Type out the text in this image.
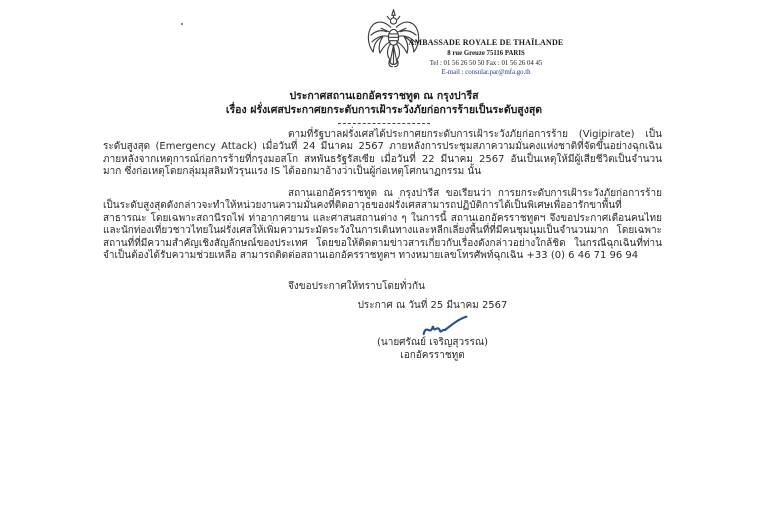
AMBASSADE ROYALE DE THAÏLANDE
8 rue Greuze 75116 PARIS
Tel : 01 56 26 50 50 Fax : 01 56 26 04 45
E-mail : consular.par@mfa.go.th
ประกาศสถานเอกอัครราชทูต ณ กรุงปารีส
เรื่อง ฝรั่งเศสประกาศยกระดับการเฝ้าระวังภัยก่อการร้ายเป็นระดับสูงสุด
ตามที่รัฐบาลฝรั่งเศสได้ประกาศยกระดับการเฝ้าระวังภัยก่อการร้าย (Vigipirate) เป็นระดับสูงสุด (Emergency Attack) เมื่อวันที่ 24 มีนาคม 2567 ภายหลังการประชุมสภาความมั่นคงแห่งชาติที่จัดขึ้นอย่างฉุกเฉินภายหลังจากเหตุการณ์ก่อการร้ายที่กรุงมอสโก สหพันธรัฐรัสเซีย เมื่อวันที่ 22 มีนาคม 2567 อันเป็นเหตุให้มีผู้เสียชีวิตเป็นจำนวนมาก ซึ่งก่อเหตุโดยกลุ่มมุสลิมหัวรุนแรง IS ได้ออกมาอ้างว่าเป็นผู้ก่อเหตุโศกนาฏกรรม นั้น
สถานเอกอัครราชทูต ณ กรุงปารีส ขอเรียนว่า การยกระดับการเฝ้าระวังภัยก่อการร้ายเป็นระดับสูงสุดดังกล่าวจะทำให้หน่วยงานความมั่นคงที่ติดอาวุธของฝรั่งเศสสามารถปฏิบัติการได้เป็นพิเศษเพื่ออารักขาพื้นที่สาธารณะ โดยเฉพาะสถานีรถไฟ ท่าอากาศยาน และศาสนสถานต่าง ๆ ในการนี้ สถานเอกอัครราชทูตฯ จึงขอประกาศเตือนคนไทยและนักท่องเที่ยวชาวไทยในฝรั่งเศสให้เพิ่มความระมัดระวังในการเดินทางและหลีกเลี่ยงพื้นที่ที่มีคนชุมนุมเป็นจำนวนมาก โดยเฉพาะสถานที่ที่มีความสำคัญเชิงสัญลักษณ์ของประเทศ โดยขอให้ติดตามข่าวสารเกี่ยวกับเรื่องดังกล่าวอย่างใกล้ชิด ในกรณีฉุกเฉินที่ท่านจำเป็นต้องได้รับความช่วยเหลือ สามารถติดต่อสถานเอกอัครราชทูตฯ ทางหมายเลขโทรศัพท์ฉุกเฉิน +33 (0) 6 46 71 96 94
จึงขอประกาศให้ทราบโดยทั่วกัน
ประกาศ ณ วันที่ 25 มีนาคม 2567
(นายศรัณย์ เจริญสุวรรณ)
เอกอัครราชทูต
